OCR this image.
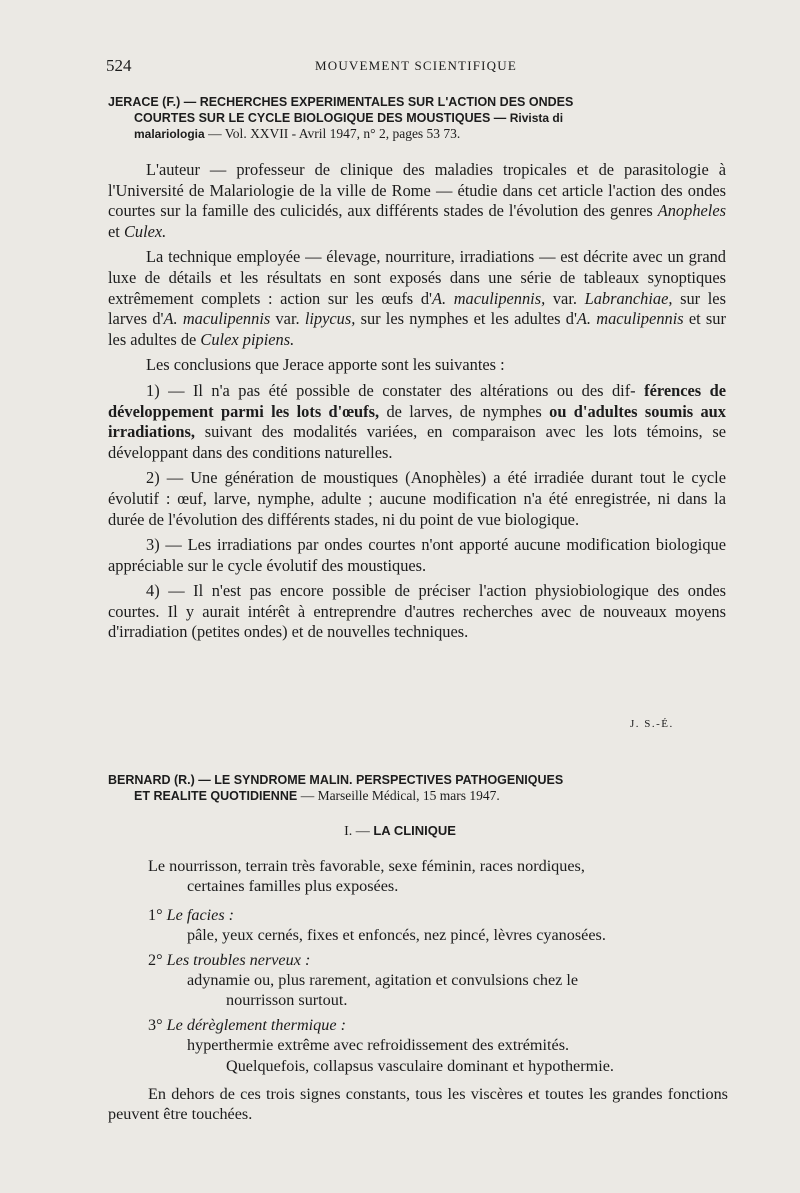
524	MOUVEMENT SCIENTIFIQUE
JERACE (F.) — RECHERCHES EXPERIMENTALES SUR L'ACTION DES ONDES
COURTES SUR LE CYCLE BIOLOGIQUE DES MOUSTIQUES — Rivista di
malariologia — Vol. XXVII - Avril 1947, n° 2, pages 53 73.

L'auteur — professeur de clinique des maladies tropicales et de parasitologie à l'Université de Malariologie de la ville de Rome — étudie dans cet article l'action des ondes courtes sur la famille des culicidés, aux différents stades de l'évolution des genres Anopheles et Culex.

La technique employée — élevage, nourriture, irradiations — est décrite avec un grand luxe de détails et les résultats en sont exposés dans une série de tableaux synoptiques extrêmement complets : action sur les œufs d'A. maculipennis, var. Labranchiae, sur les larves d'A. maculipennis var. lipycus, sur les nymphes et les adultes d'A. maculipennis et sur les adultes de Culex pipiens.

Les conclusions que Jerace apporte sont les suivantes :

1) — Il n'a pas été possible de constater des altérations ou des dif- férences de développement parmi les lots d'œufs, de larves, de nymphes ou d'adultes soumis aux irradiations, suivant des modalités variées, en comparaison avec les lots témoins, se développant dans des conditions naturelles.

2) — Une génération de moustiques (Anophèles) a été irradiée durant tout le cycle évolutif : œuf, larve, nymphe, adulte ; aucune modification n'a été enregistrée, ni dans la durée de l'évolution des différents stades, ni du point de vue biologique.

3) — Les irradiations par ondes courtes n'ont apporté aucune modification biologique appréciable sur le cycle évolutif des moustiques.

4) — Il n'est pas encore possible de préciser l'action physiobiologique des ondes courtes. Il y aurait intérêt à entreprendre d'autres recherches avec de nouveaux moyens d'irradiation (petites ondes) et de nouvelles techniques.

J. S.-É.
BERNARD (R.) — LE SYNDROME MALIN. PERSPECTIVES PATHOGENIQUES
ET REALITE QUOTIDIENNE — Marseille Médical, 15 mars 1947.
I. — LA CLINIQUE
Le nourrisson, terrain très favorable, sexe féminin, races nordiques,
certaines familles plus exposées.
1° Le facies :
pâle, yeux cernés, fixes et enfoncés, nez pincé, lèvres cyanosées.
2° Les troubles nerveux :
adynamie ou, plus rarement, agitation et convulsions chez le
nourrisson surtout.
3° Le dérèglement thermique :
hyperthermie extrême avec refroidissement des extrémités.
Quelquefois, collapsus vasculaire dominant et hypothermie.
En dehors de ces trois signes constants, tous les viscères et toutes les grandes fonctions peuvent être touchées.
